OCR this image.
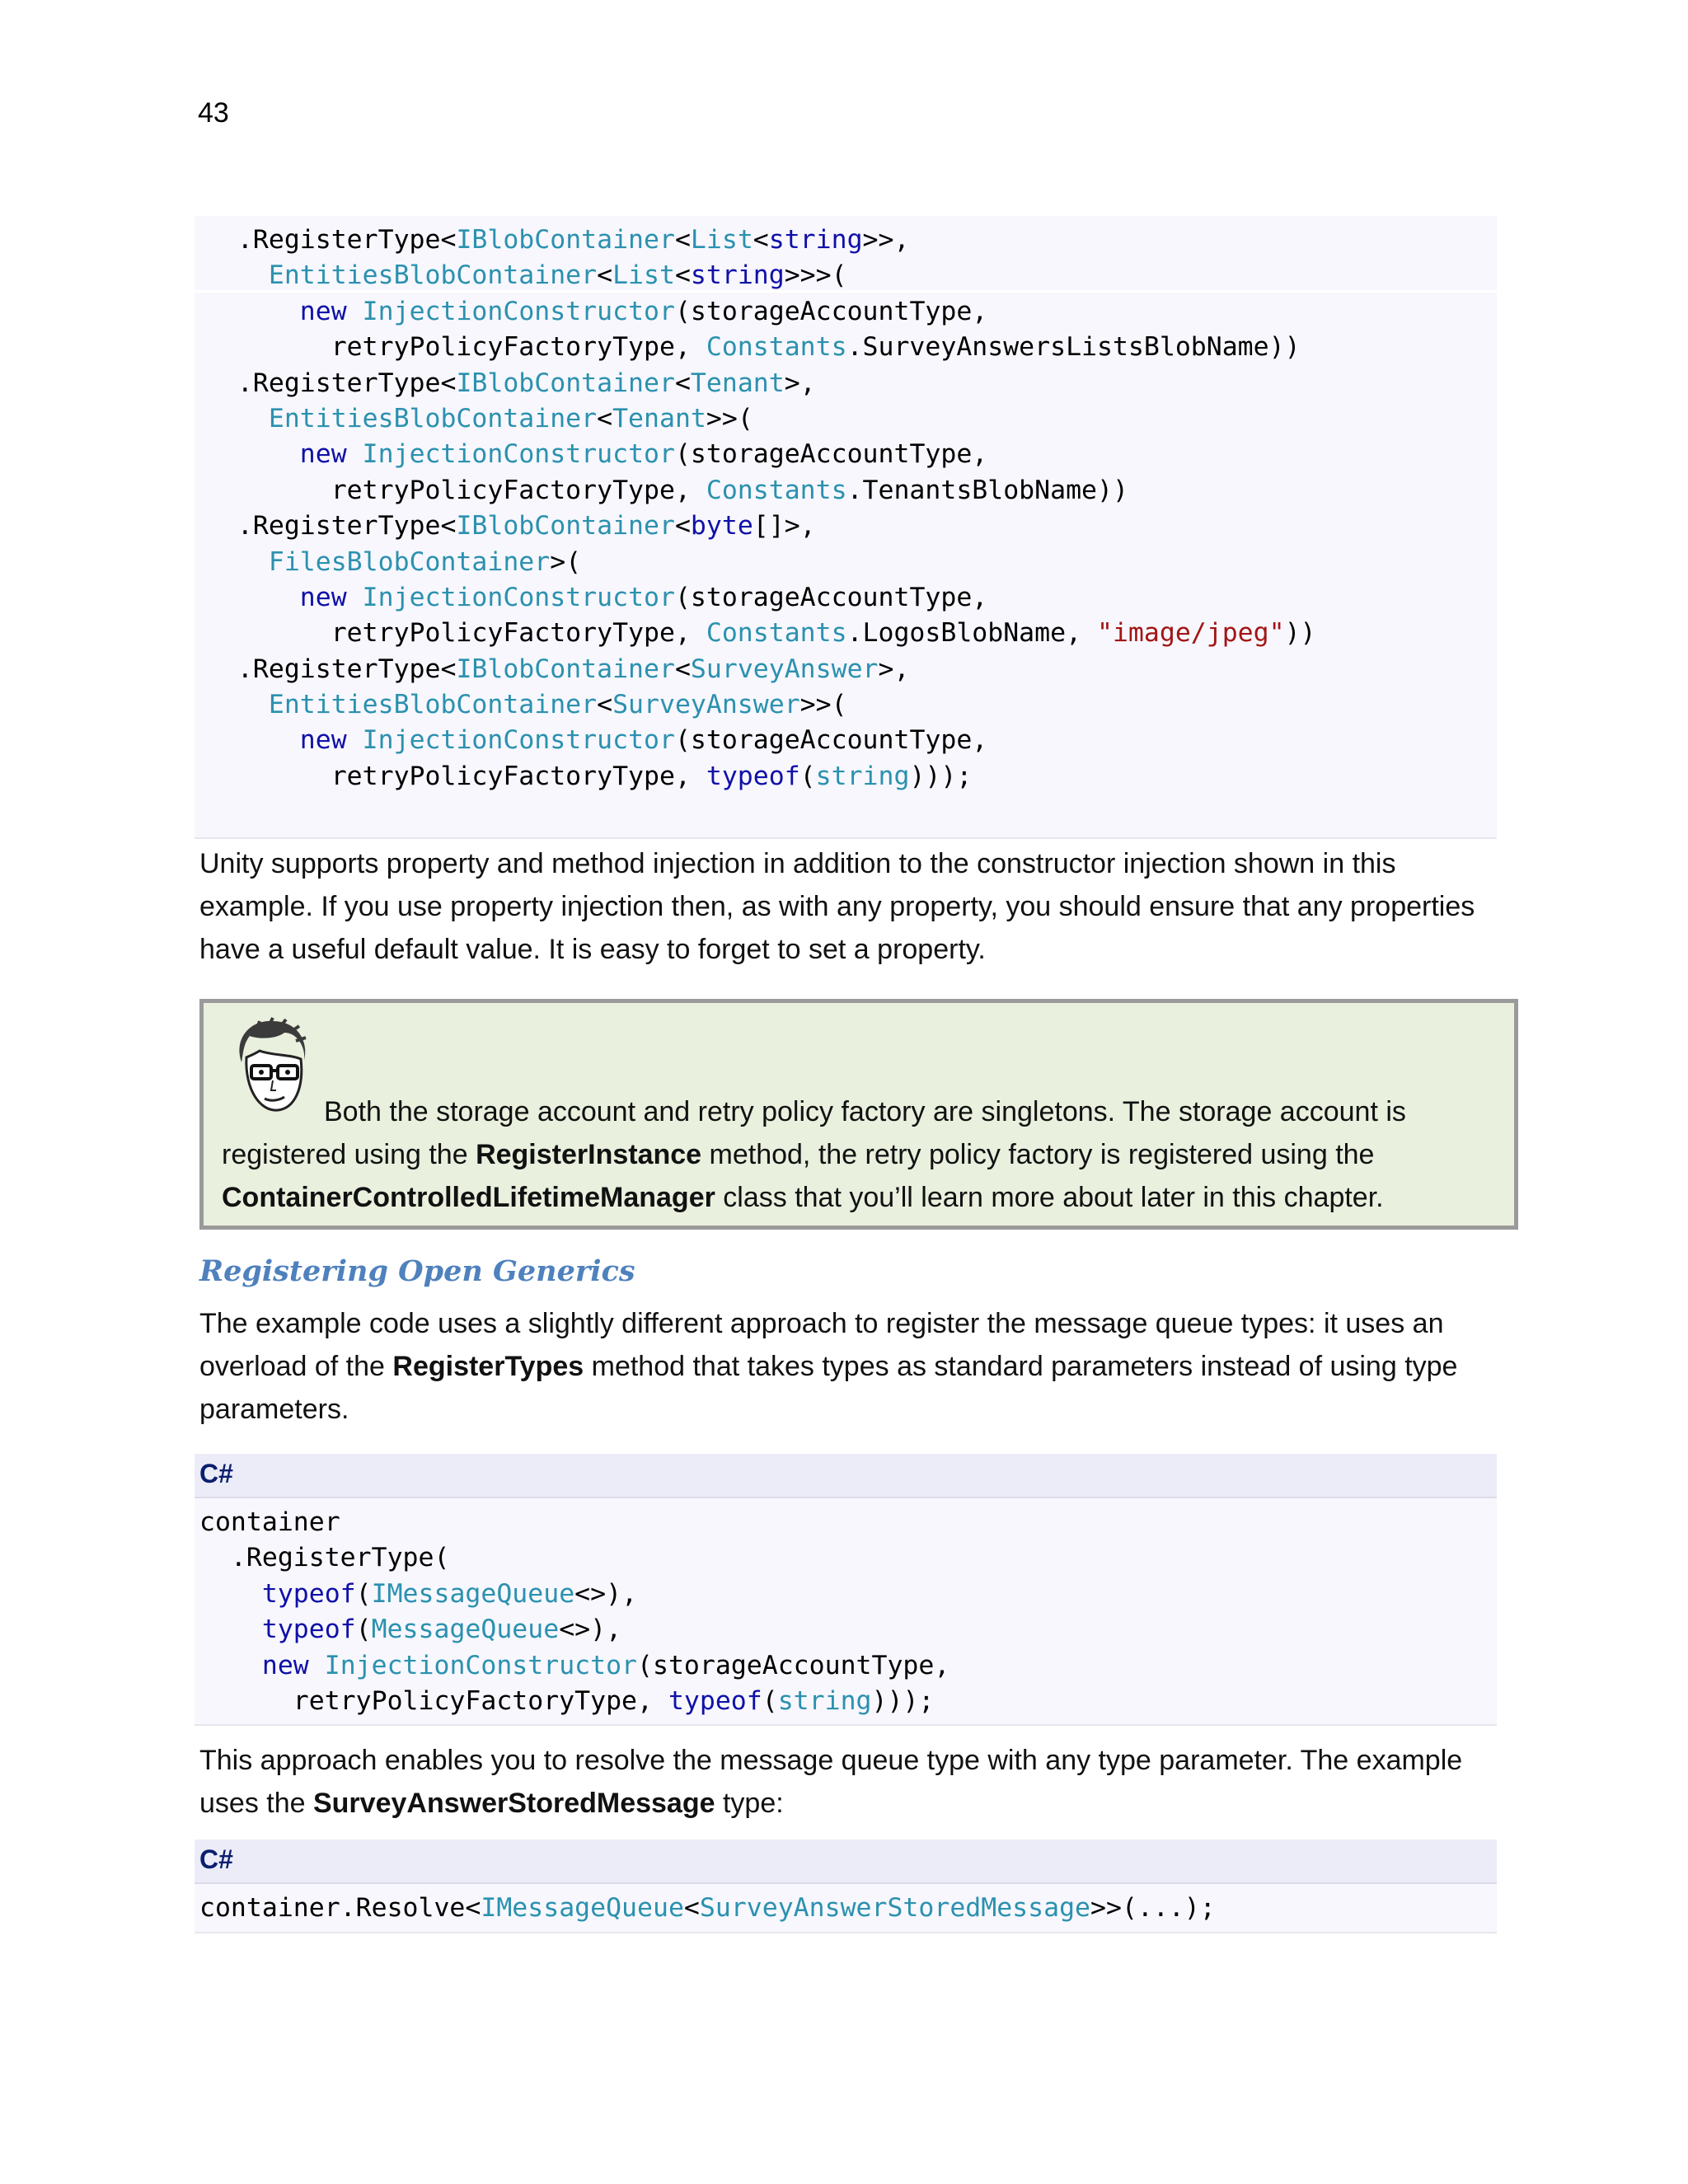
43
.RegisterType<IBlobContainer<List<string>>,
EntitiesBlobContainer<List<string>>>(
new InjectionConstructor(storageAccountType,
retryPolicyFactoryType, Constants.SurveyAnswersListsBlobName))
.RegisterType<IBlobContainer<Tenant>,
EntitiesBlobContainer<Tenant>>(
new InjectionConstructor(storageAccountType,
retryPolicyFactoryType, Constants.TenantsBlobName))
.RegisterType<IBlobContainer<byte[]>,
FilesBlobContainer>(
new InjectionConstructor(storageAccountType,
retryPolicyFactoryType, Constants.LogosBlobName, "image/jpeg"))
.RegisterType<IBlobContainer<SurveyAnswer>,
EntitiesBlobContainer<SurveyAnswer>>(
new InjectionConstructor(storageAccountType,
retryPolicyFactoryType, typeof(string)));
Unity supports property and method injection in addition to the constructor injection shown in this example. If you use property injection then, as with any property, you should ensure that any properties have a useful default value. It is easy to forget to set a property.
Both the storage account and retry policy factory are singletons. The storage account is registered using the RegisterInstance method, the retry policy factory is registered using the ContainerControlledLifetimeManager class that you’ll learn more about later in this chapter.
Registering Open Generics
The example code uses a slightly different approach to register the message queue types: it uses an overload of the RegisterTypes method that takes types as standard parameters instead of using type parameters.
C#
container
.RegisterType(
typeof(IMessageQueue<>),
typeof(MessageQueue<>),
new InjectionConstructor(storageAccountType,
retryPolicyFactoryType, typeof(string)));
This approach enables you to resolve the message queue type with any type parameter. The example uses the SurveyAnswerStoredMessage type:
C#
container.Resolve<IMessageQueue<SurveyAnswerStoredMessage>>(...);
